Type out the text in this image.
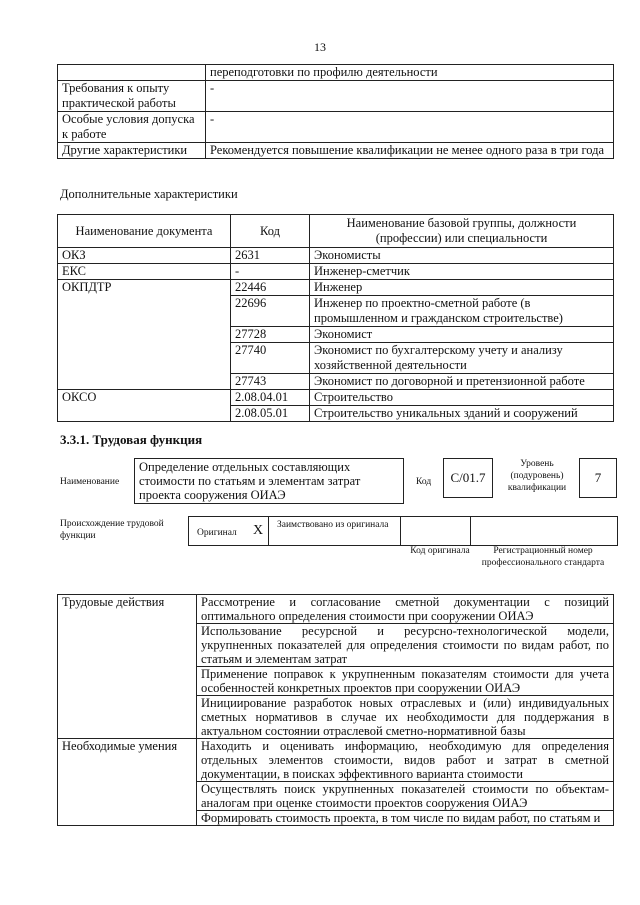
13
	переподготовки по профилю деятельности
Требования к опыту практической работы	-
Особые условия допуска к работе	-
Другие характеристики	Рекомендуется повышение квалификации не менее одного раза в три года
Дополнительные характеристики
Наименование документа	Код	Наименование базовой группы, должности (профессии) или специальности
ОКЗ	2631	Экономисты
ЕКС	-	Инженер-сметчик
ОКПДТР	22446	Инженер
	22696	Инженер по проектно-сметной работе (в промышленном и гражданском строительстве)
	27728	Экономист
	27740	Экономист по бухгалтерскому учету и анализу хозяйственной деятельности
	27743	Экономист по договорной и претензионной работе
ОКСО	2.08.04.01	Строительство
	2.08.05.01	Строительство уникальных зданий и сооружений
3.3.1. Трудовая функция
Наименование
Определение отдельных составляющих стоимости по статьям и элементам затрат проекта сооружения ОИАЭ
Код	C/01.7
Уровень (подуровень) квалификации
7
Происхождение трудовой функции	Оригинал X Заимствовано из оригинала
Код оригинала	Регистрационный номер профессионального стандарта
Трудовые действия	Рассмотрение и согласование сметной документации с позиций оптимального определения стоимости при сооружении ОИАЭ
	Использование ресурсной и ресурсно-технологической модели, укрупненных показателей для определения стоимости по видам работ, по статьям и элементам затрат
	Применение поправок к укрупненным показателям стоимости для учета особенностей конкретных проектов при сооружении ОИАЭ
	Инициирование разработок новых отраслевых и (или) индивидуальных сметных нормативов в случае их необходимости для поддержания в актуальном состоянии отраслевой сметно-нормативной базы
Необходимые умения	Находить и оценивать информацию, необходимую для определения отдельных элементов стоимости, видов работ и затрат в сметной документации, в поисках эффективного варианта стоимости
	Осуществлять поиск укрупненных показателей стоимости по объектам-аналогам при оценке стоимости проектов сооружения ОИАЭ
	Формировать стоимость проекта, в том числе по видам работ, по статьям и
